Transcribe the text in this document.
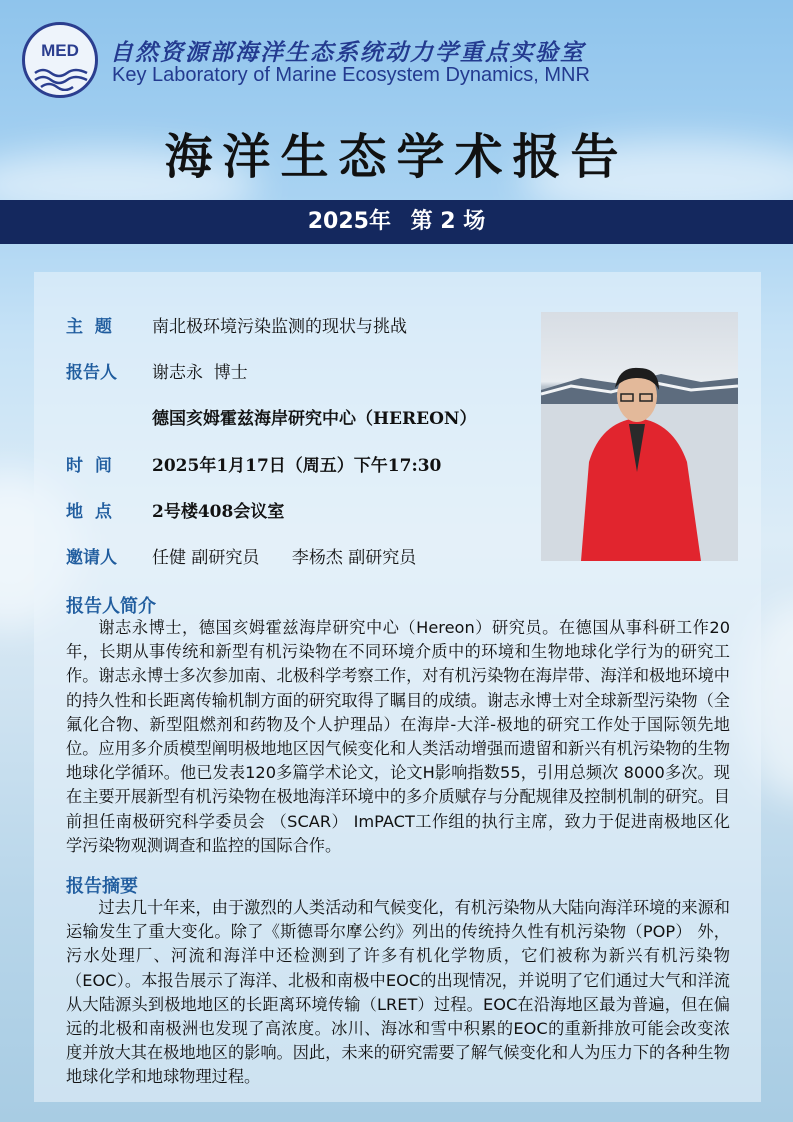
MED	自然资源部海洋生态系统动力学重点实验室
Key Laboratory of Marine Ecosystem Dynamics, MNR
海洋生态学术报告
2025年 第 2 场
主  题 南北极环境污染监测的现状与挑战
报告人 谢志永  博士
德国亥姆霍兹海岸研究中心（HEREON）
时  间 2025年1月17日（周五）下午17:30
地  点 2号楼408会议室
邀请人 任健 副研究员      李杨杰 副研究员
报告人简介
谢志永博士，德国亥姆霍兹海岸研究中心（Hereon）研究员。在德国从事科研工作20年，长期从事传统和新型有机污染物在不同环境介质中的环境和生物地球化学行为的研究工作。谢志永博士多次参加南、北极科学考察工作，对有机污染物在海岸带、海洋和极地环境中的持久性和长距离传输机制方面的研究取得了瞩目的成绩。谢志永博士对全球新型污染物（全氟化合物、新型阻燃剂和药物及个人护理品）在海岸-大洋-极地的研究工作处于国际领先地位。应用多介质模型阐明极地地区因气候变化和人类活动增强而遗留和新兴有机污染物的生物地球化学循环。他已发表120多篇学术论文，论文H影响指数55，引用总频次 8000多次。现在主要开展新型有机污染物在极地海洋环境中的多介质赋存与分配规律及控制机制的研究。目前担任南极研究科学委员会 （SCAR） ImPACT工作组的执行主席，致力于促进南极地区化学污染物观测调查和监控的国际合作。
报告摘要
过去几十年来，由于激烈的人类活动和气候变化，有机污染物从大陆向海洋环境的来源和运输发生了重大变化。除了《斯德哥尔摩公约》列出的传统持久性有机污染物（POP） 外，污水处理厂、河流和海洋中还检测到了许多有机化学物质，它们被称为新兴有机污染物（EOC）。本报告展示了海洋、北极和南极中EOC的出现情况，并说明了它们通过大气和洋流从大陆源头到极地地区的长距离环境传输（LRET）过程。EOC在沿海地区最为普遍，但在偏远的北极和南极洲也发现了高浓度。冰川、海冰和雪中积累的EOC的重新排放可能会改变浓度并放大其在极地地区的影响。因此，未来的研究需要了解气候变化和人为压力下的各种生物地球化学和地球物理过程。
